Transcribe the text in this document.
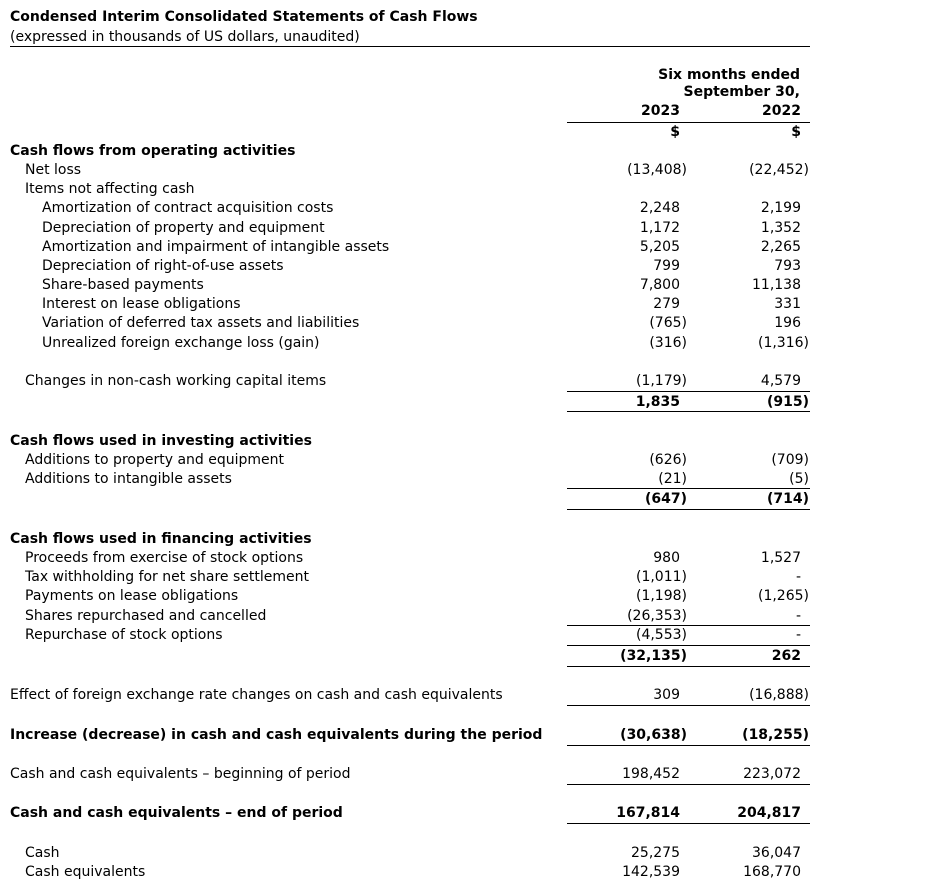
Condensed Interim Consolidated Statements of Cash Flows
(expressed in thousands of US dollars, unaudited)
Six months ended
September 30,
2023	2022
$	$
Cash flows from operating activities
Net loss	(13,408)	(22,452)
Items not affecting cash
Amortization of contract acquisition costs	2,248	2,199
Depreciation of property and equipment	1,172	1,352
Amortization and impairment of intangible assets	5,205	2,265
Depreciation of right-of-use assets	799	793
Share-based payments	7,800	11,138
Interest on lease obligations	279	331
Variation of deferred tax assets and liabilities	(765)	196
Unrealized foreign exchange loss (gain)	(316)	(1,316)
Changes in non-cash working capital items	(1,179)	4,579
1,835	(915)
Cash flows used in investing activities
Additions to property and equipment	(626)	(709)
Additions to intangible assets	(21)	(5)
(647)	(714)
Cash flows used in financing activities
Proceeds from exercise of stock options	980	1,527
Tax withholding for net share settlement	(1,011)	-
Payments on lease obligations	(1,198)	(1,265)
Shares repurchased and cancelled	(26,353)	-
Repurchase of stock options	(4,553)	-
(32,135)	262
Effect of foreign exchange rate changes on cash and cash equivalents	309	(16,888)
Increase (decrease) in cash and cash equivalents during the period	(30,638)	(18,255)
Cash and cash equivalents – beginning of period	198,452	223,072
Cash and cash equivalents – end of period	167,814	204,817
Cash	25,275	36,047
Cash equivalents	142,539	168,770
